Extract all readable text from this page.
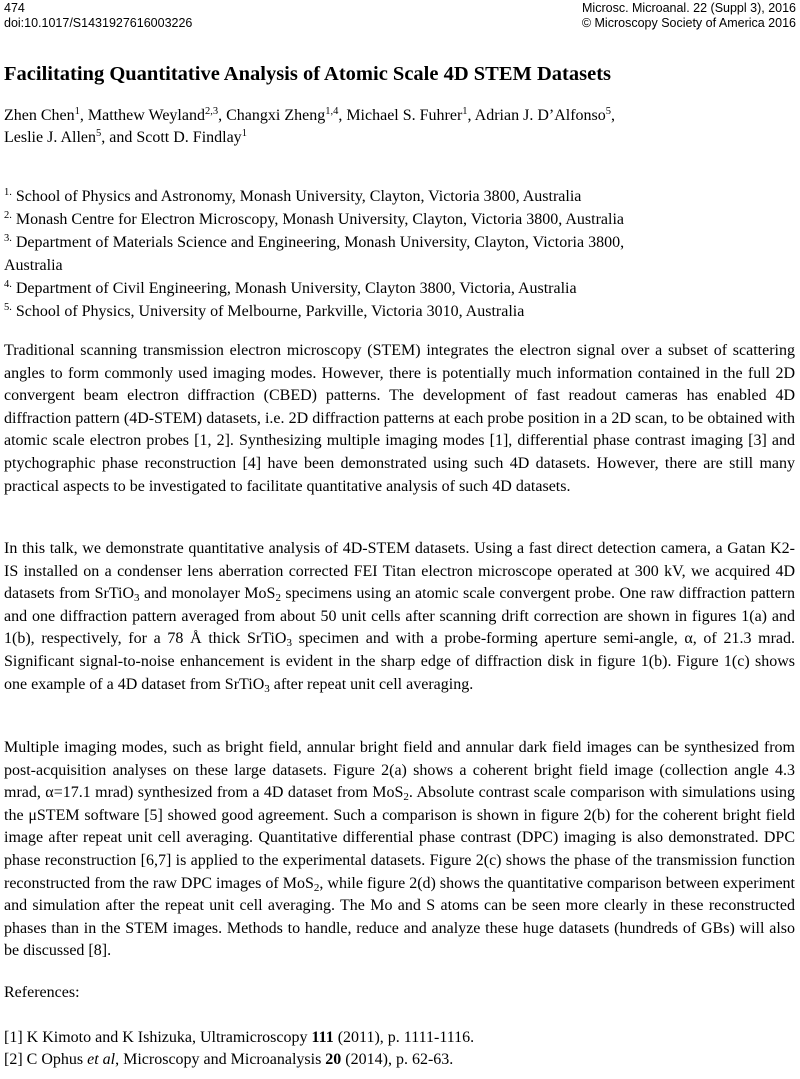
474
doi:10.1017/S1431927616003226
Microsc. Microanal. 22 (Suppl 3), 2016
© Microscopy Society of America 2016
Facilitating Quantitative Analysis of Atomic Scale 4D STEM Datasets
Zhen Chen$^1$, Matthew Weyland$^{2,3}$, Changxi Zheng$^{1,4}$, Michael S. Fuhrer$^1$, Adrian J. D’Alfonso$^5$,
Leslie J. Allen$^5$, and Scott D. Findlay$^1$
$^{1.}$ School of Physics and Astronomy, Monash University, Clayton, Victoria 3800, Australia
$^{2.}$ Monash Centre for Electron Microscopy, Monash University, Clayton, Victoria 3800, Australia
$^{3.}$ Department of Materials Science and Engineering, Monash University, Clayton, Victoria 3800,
Australia
$^{4.}$ Department of Civil Engineering, Monash University, Clayton 3800, Victoria, Australia
$^{5.}$ School of Physics, University of Melbourne, Parkville, Victoria 3010, Australia

Traditional scanning transmission electron microscopy (STEM) integrates the electron signal over a subset of scattering angles to form commonly used imaging modes. However, there is potentially much information contained in the full 2D convergent beam electron diffraction (CBED) patterns. The development of fast readout cameras has enabled 4D diffraction pattern (4D-STEM) datasets, i.e. 2D diffraction patterns at each probe position in a 2D scan, to be obtained with atomic scale electron probes [1, 2]. Synthesizing multiple imaging modes [1], differential phase contrast imaging [3] and ptychographic phase reconstruction [4] have been demonstrated using such 4D datasets. However, there are still many practical aspects to be investigated to facilitate quantitative analysis of such 4D datasets.

In this talk, we demonstrate quantitative analysis of 4D-STEM datasets. Using a fast direct detection camera, a Gatan K2-IS installed on a condenser lens aberration corrected FEI Titan electron microscope operated at 300 kV, we acquired 4D datasets from SrTiO$_3$ and monolayer MoS$_2$ specimens using an atomic scale convergent probe. One raw diffraction pattern and one diffraction pattern averaged from about 50 unit cells after scanning drift correction are shown in figures 1(a) and 1(b), respectively, for a 78 Å thick SrTiO$_3$ specimen and with a probe-forming aperture semi-angle, α, of 21.3 mrad. Significant signal-to-noise enhancement is evident in the sharp edge of diffraction disk in figure 1(b). Figure 1(c) shows one example of a 4D dataset from SrTiO$_3$ after repeat unit cell averaging.

Multiple imaging modes, such as bright field, annular bright field and annular dark field images can be synthesized from post-acquisition analyses on these large datasets. Figure 2(a) shows a coherent bright field image (collection angle 4.3 mrad, α=17.1 mrad) synthesized from a 4D dataset from MoS$_2$. Absolute contrast scale comparison with simulations using the μSTEM software [5] showed good agreement. Such a comparison is shown in figure 2(b) for the coherent bright field image after repeat unit cell averaging. Quantitative differential phase contrast (DPC) imaging is also demonstrated. DPC phase reconstruction [6,7] is applied to the experimental datasets. Figure 2(c) shows the phase of the transmission function reconstructed from the raw DPC images of MoS$_2$, while figure 2(d) shows the quantitative comparison between experiment and simulation after the repeat unit cell averaging. The Mo and S atoms can be seen more clearly in these reconstructed phases than in the STEM images. Methods to handle, reduce and analyze these huge datasets (hundreds of GBs) will also be discussed [8].

References:
[1] K Kimoto and K Ishizuka, Ultramicroscopy 111 (2011), p. 1111-1116.
[2] C Ophus et al, Microscopy and Microanalysis 20 (2014), p. 62-63.
